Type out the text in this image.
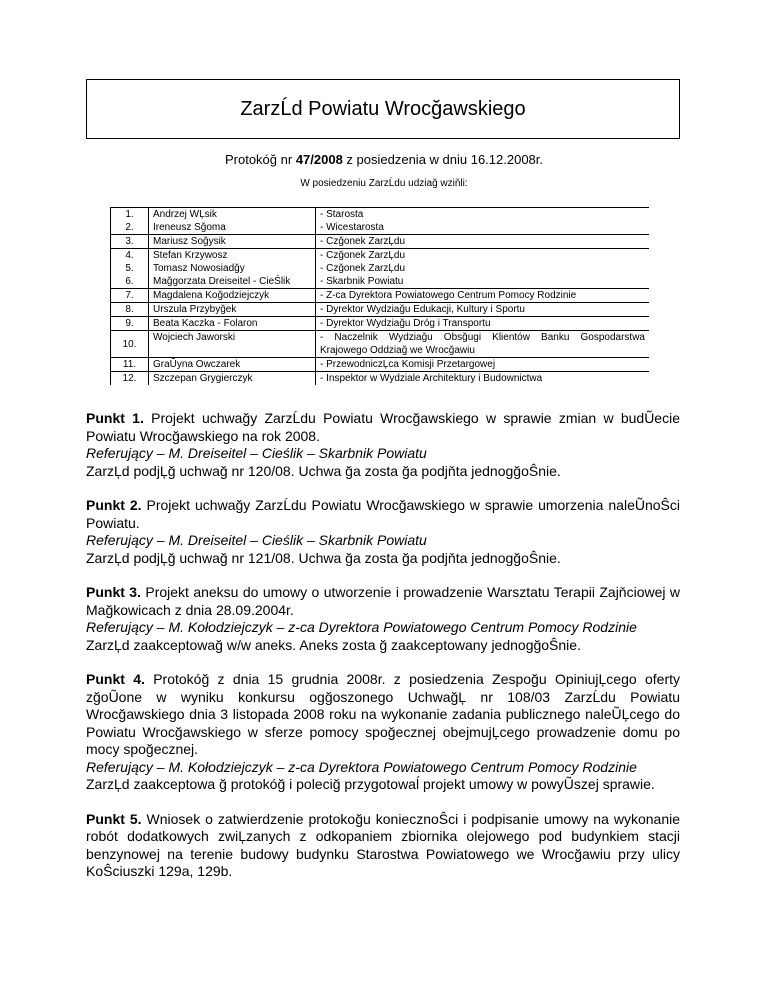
ZarzĹd Powiatu Wrocğawskiego
Protokóğ nr 47/2008 z posiedzenia w dniu 16.12.2008r.
W posiedzeniu ZarzĹdu udziağ wziňli:
1.	Andrzej WĻsik	- Starosta

2.	Ireneusz Sğoma	- Wicestarosta

3.	Mariusz Soğysik	- Czğonek ZarzĻdu

4.	Stefan Krzywosz	- Czğonek ZarzĻdu

5.	Tomasz Nowosiadğy	- Czğonek ZarzĻdu

6.	Mağgorzata Dreiseitel - CieŚlik	- Skarbnik Powiatu

7.	Magdalena Koğodziejczyk	- Z-ca Dyrektora Powiatowego Centrum Pomocy Rodzinie

8.	Urszula Przybyğek	- Dyrektor Wydziağu Edukacji, Kultury i Sportu

9.	Beata Kaczka - Folaron	- Dyrektor Wydziağu Dróg i Transportu

10.	Wojciech Jaworski	- Naczelnik Wydziağu Obsğugi Klientów Banku Gospodarstwa
Krajowego Oddziağ we Wrocğawiu

11.	GraŨyna Owczarek	- PrzewodniczĻca Komisji Przetargowej

12.	Szczepan Grygierczyk	- Inspektor w Wydziale Architektury i Budownictwa

Punkt 1. Projekt uchwağy ZarzĹdu Powiatu Wrocğawskiego w sprawie zmian w budŨecie Powiatu Wrocğawskiego na rok 2008.

Referujący – M. Dreiseitel – Cieślik – Skarbnik Powiatu

ZarzĻd podjĻğ uchwağ nr 120/08. Uchwa ğa zosta ğa podjňta jednogğoŜnie.

Punkt 2. Projekt uchwağy ZarzĹdu Powiatu Wrocğawskiego w sprawie umorzenia naleŨnoŜci Powiatu.

Referujący – M. Dreiseitel – Cieślik – Skarbnik Powiatu

ZarzĻd podjĻğ uchwağ nr 121/08. Uchwa ğa zosta ğa podjňta jednogğoŜnie.

Punkt 3. Projekt aneksu do umowy o utworzenie i prowadzenie Warsztatu Terapii Zajňciowej w Mağkowicach z dnia 28.09.2004r.

Referujący – M. Kołodziejczyk – z-ca Dyrektora Powiatowego Centrum Pomocy Rodzinie

ZarzĻd zaakceptowağ w/w aneks. Aneks zosta ğ zaakceptowany jednogğoŜnie.

Punkt 4. Protokóğ z dnia 15 grudnia 2008r. z posiedzenia Zespoğu OpiniujĻcego oferty zğoŨone w wyniku konkursu ogğoszonego UchwağĻ nr 108/03 ZarzĹdu Powiatu Wrocğawskiego dnia 3 listopada 2008 roku na wykonanie zadania publicznego naleŨĻcego do Powiatu Wrocğawskiego w sferze pomocy spoğecznej obejmujĻcego prowadzenie domu po mocy spoğecznej.

Referujący – M. Kołodziejczyk – z-ca Dyrektora Powiatowego Centrum Pomocy Rodzinie

ZarzĻd zaakceptowa ğ protokóğ i poleciğ przygotowaĺ projekt umowy w powyŨszej sprawie.

Punkt 5. Wniosek o zatwierdzenie protokoğu koniecznoŜci i podpisanie umowy na wykonanie robót dodatkowych zwiĻzanych z odkopaniem zbiornika olejowego pod budynkiem stacji benzynowej na terenie budowy budynku Starostwa Powiatowego we Wrocğawiu przy ulicy KoŜciuszki 129a, 129b.
